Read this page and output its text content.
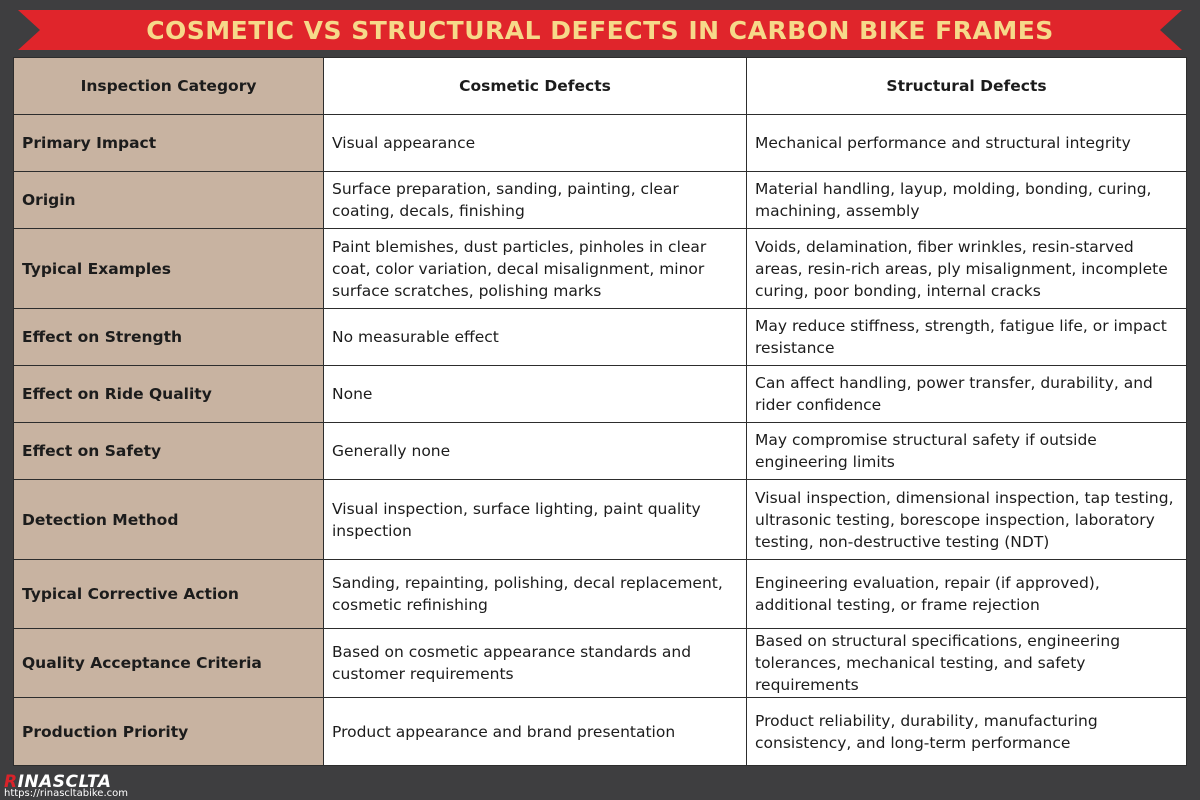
COSMETIC VS STRUCTURAL DEFECTS IN CARBON BIKE FRAMES
Inspection Category	Cosmetic Defects	Structural Defects
Primary Impact	Visual appearance	Mechanical performance and structural integrity
Origin	Surface preparation, sanding, painting, clear coating, decals, finishing	Material handling, layup, molding, bonding, curing, machining, assembly
Typical Examples	Paint blemishes, dust particles, pinholes in clear coat, color variation, decal misalignment, minor surface scratches, polishing marks	Voids, delamination, fiber wrinkles, resin-starved areas, resin-rich areas, ply misalignment, incomplete curing, poor bonding, internal cracks
Effect on Strength	No measurable effect	May reduce stiffness, strength, fatigue life, or impact resistance
Effect on Ride Quality	None	Can affect handling, power transfer, durability, and rider confidence
Effect on Safety	Generally none	May compromise structural safety if outside engineering limits
Detection Method	Visual inspection, surface lighting, paint quality inspection	Visual inspection, dimensional inspection, tap testing, ultrasonic testing, borescope inspection, laboratory testing, non-destructive testing (NDT)
Typical Corrective Action	Sanding, repainting, polishing, decal replacement, cosmetic refinishing	Engineering evaluation, repair (if approved), additional testing, or frame rejection
Quality Acceptance Criteria	Based on cosmetic appearance standards and customer requirements	Based on structural specifications, engineering tolerances, mechanical testing, and safety requirements
Production Priority	Product appearance and brand presentation	Product reliability, durability, manufacturing consistency, and long-term performance
RINASCLTA
https://rinascltabike.com
